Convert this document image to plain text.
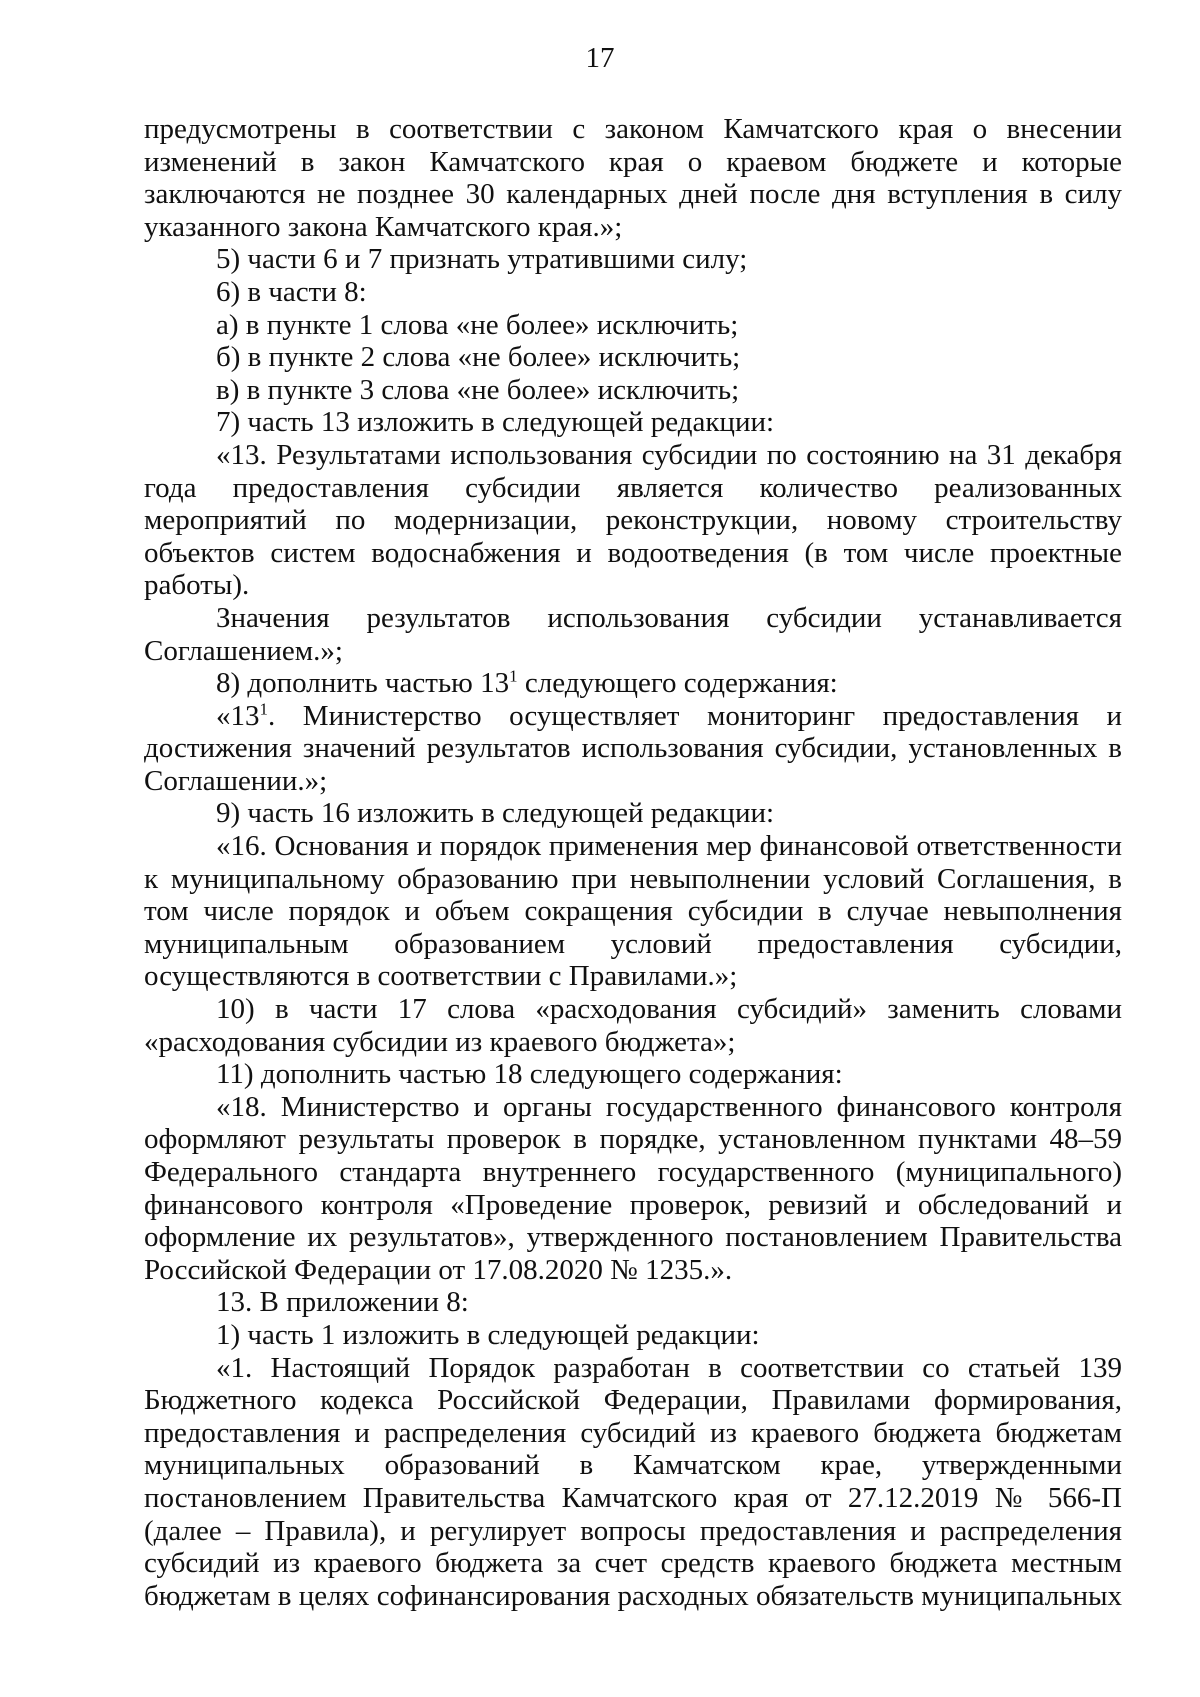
17

предусмотрены в соответствии с законом Камчатского края о внесении изменений в закон Камчатского края о краевом бюджете и которые заключаются не позднее 30 календарных дней после дня вступления в силу указанного закона Камчатского края.»;

5) части 6 и 7 признать утратившими силу;

6) в части 8:

а) в пункте 1 слова «не более» исключить;

б) в пункте 2 слова «не более» исключить;

в) в пункте 3 слова «не более» исключить;

7) часть 13 изложить в следующей редакции:

«13. Результатами использования субсидии по состоянию на 31 декабря года предоставления субсидии является количество реализованных мероприятий по модернизации, реконструкции, новому строительству объектов систем водоснабжения и водоотведения (в том числе проектные работы).

Значения результатов использования субсидии устанавливается Соглашением.»;

8) дополнить частью $13^1$ следующего содержания:

«$13^1$. Министерство осуществляет мониторинг предоставления и достижения значений результатов использования субсидии, установленных в Соглашении.»;

9) часть 16 изложить в следующей редакции:

«16. Основания и порядок применения мер финансовой ответственности к муниципальному образованию при невыполнении условий Соглашения, в том числе порядок и объем сокращения субсидии в случае невыполнения муниципальным образованием условий предоставления субсидии, осуществляются в соответствии с Правилами.»;

10) в части 17 слова «расходования субсидий» заменить словами «расходования субсидии из краевого бюджета»;

11) дополнить частью 18 следующего содержания:

«18. Министерство и органы государственного финансового контроля оформляют результаты проверок в порядке, установленном пунктами 48–59 Федерального стандарта внутреннего государственного (муниципального) финансового контроля «Проведение проверок, ревизий и обследований и оформление их результатов», утвержденного постановлением Правительства Российской Федерации от 17.08.2020 № 1235.».

13. В приложении 8:

1) часть 1 изложить в следующей редакции:

«1. Настоящий Порядок разработан в соответствии со статьей 139 Бюджетного кодекса Российской Федерации, Правилами формирования, предоставления и распределения субсидий из краевого бюджета бюджетам муниципальных образований в Камчатском крае, утвержденными постановлением Правительства Камчатского края от 27.12.2019 № 566-П (далее – Правила), и регулирует вопросы предоставления и распределения субсидий из краевого бюджета за счет средств краевого бюджета местным бюджетам в целях софинансирования расходных обязательств муниципальных
